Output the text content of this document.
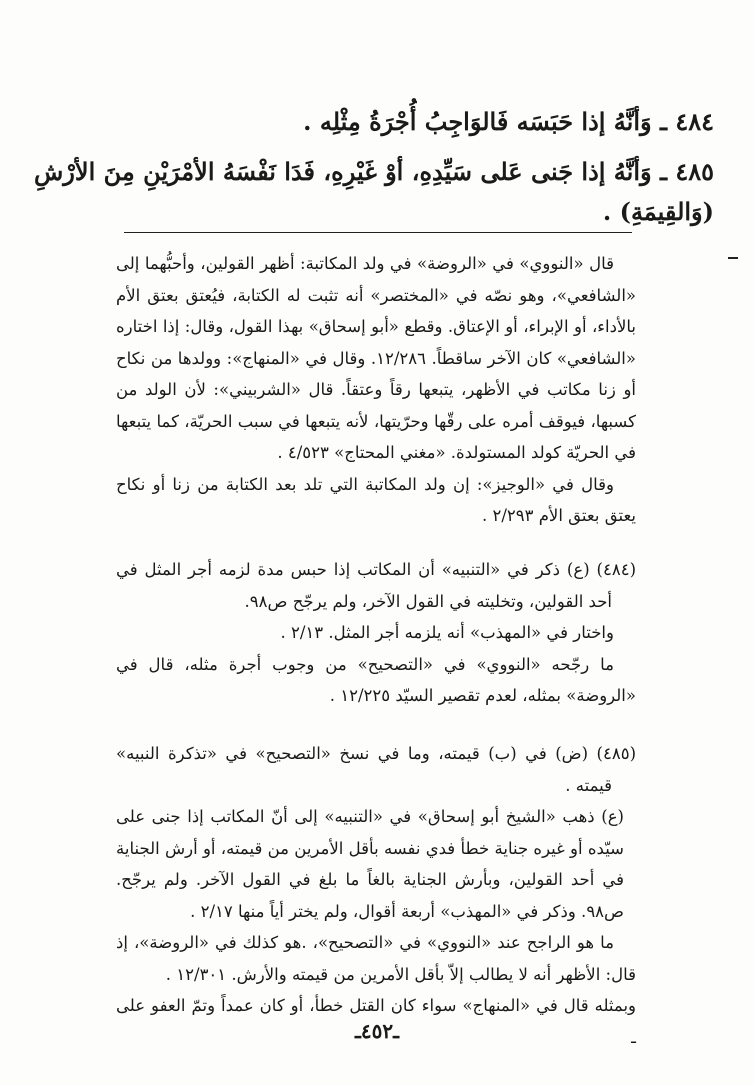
٤٨٤ ـ وَأنَّهُ إذا حَبَسَه فَالوَاجِبُ أُجْرَةُ مِثْلِه .
٤٨٥ ـ وَأنَّهُ إذا جَنى عَلى سَيِّدِهِ، أوْ غَيْرِهِ، فَدَا نَفْسَهُ الأمْرَيْنِ مِنَ الأرْشِ (وَالقِيمَةِ) .

قال «النووي» في «الروضة» في ولد المكاتبة: أظهر القولين، وأحبُّهما إلى «الشافعي»، وهو نصّه في «المختصر» أنه تثبت له الكتابة، فيُعتق بعتق الأم بالأداء، أو الإبراء، أو الإعتاق. وقطع «أبو إسحاق» بهذا القول، وقال: إذا اختاره «الشافعي» كان الآخر ساقطاً. ١٢/٢٨٦. وقال في «المنهاج»: وولدها من نكاح أو زنا مكاتب في الأظهر، يتبعها رقاً وعتقاً. قال «الشربيني»: لأن الولد من كسبها، فيوقف أمره على رقّها وحرّيتها، لأنه يتبعها في سبب الحريّة، كما يتبعها في الحريّة كولد المستولدة. «مغني المحتاج» ٤/٥٢٣ .

وقال في «الوجيز»: إن ولد المكاتبة التي تلد بعد الكتابة من زنا أو نكاح يعتق بعتق الأم ٢/٢٩٣ .

(٤٨٤) (ع) ذكر في «التنبيه» أن المكاتب إذا حبس مدة لزمه أجر المثل في أحد القولين، وتخليته في القول الآخر، ولم يرجّح ص٩٨.

واختار في «المهذب» أنه يلزمه أجر المثل. ٢/١٣ .

ما رجّحه «النووي» في «التصحيح» من وجوب أجرة مثله، قال في «الروضة» بمثله، لعدم تقصير السيّد ١٢/٢٢٥ .

(٤٨٥) (ض) في (ب) قيمته، وما في نسخ «التصحيح» في «تذكرة النبيه» قيمته .

(ع) ذهب «الشيخ أبو إسحاق» في «التنبيه» إلى أنّ المكاتب إذا جنى على سيّده أو غيره جناية خطأ فدي نفسه بأقل الأمرين من قيمته، أو أرش الجناية في أحد القولين، وبأرش الجناية بالغاً ما بلغ في القول الآخر. ولم يرجّح. ص٩٨. وذكر في «المهذب» أربعة أقوال، ولم يختر أياً منها ٢/١٧ .

ما هو الراجح عند «النووي» في «التصحيح»، .هو كذلك في «الروضة»، إذ قال: الأظهر أنه لا يطالب إلاّ بأقل الأمرين من قيمته والأرش. ١٢/٣٠١ .

وبمثله قال في «المنهاج» سواء كان القتل خطأ، أو كان عمداً وتمّ العفو على ـ

ـ٤٥٢ـ
